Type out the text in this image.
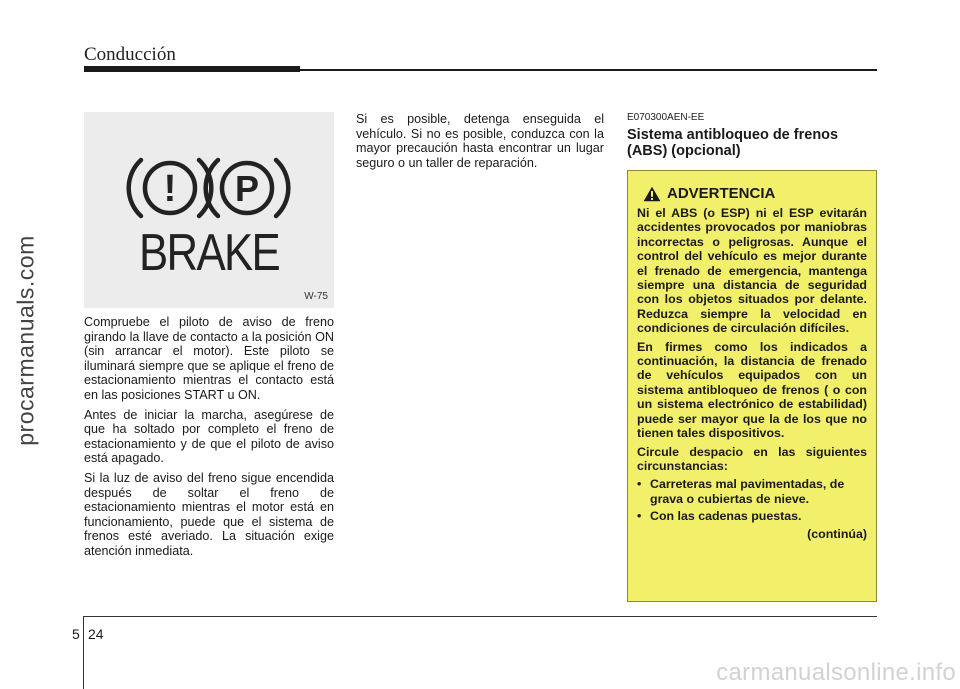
Conducción
procarmanuals.com
! P
BRAKE
W-75

Compruebe el piloto de aviso de freno girando la llave de contacto a la posición ON (sin arrancar el motor). Este piloto se iluminará siempre que se aplique el freno de estacionamiento mientras el contacto está en las posiciones START u ON.

Antes de iniciar la marcha, asegúrese de que ha soltado por completo el freno de estacionamiento y de que el piloto de aviso está apagado.

Si la luz de aviso del freno sigue encendida después de soltar el freno de estacionamiento mientras el motor está en funcionamiento, puede que el sistema de frenos esté averiado. La situación exige atención inmediata.

Si es posible, detenga enseguida el vehículo. Si no es posible, conduzca con la mayor precaución hasta encontrar un lugar seguro o un taller de reparación.

E070300AEN-EE
Sistema antibloqueo de frenos (ABS) (opcional)
ADVERTENCIA

Ni el ABS (o ESP) ni el ESP evitarán accidentes provocados por maniobras incorrectas o peligrosas. Aunque el control del vehículo es mejor durante el frenado de emergencia, mantenga siempre una distancia de seguridad con los objetos situados por delante. Reduzca siempre la velocidad en condiciones de circulación difíciles.

En firmes como los indicados a continuación, la distancia de frenado de vehículos equipados con un sistema antibloqueo de frenos ( o con un sistema electrónico de estabilidad) puede ser mayor que la de los que no tienen tales dispositivos.

Circule despacio en las siguientes circunstancias:

• Carreteras mal pavimentadas, de grava o cubiertas de nieve.
• Con las cadenas puestas.
(continúa)
5 24
carmanualsonline.info
